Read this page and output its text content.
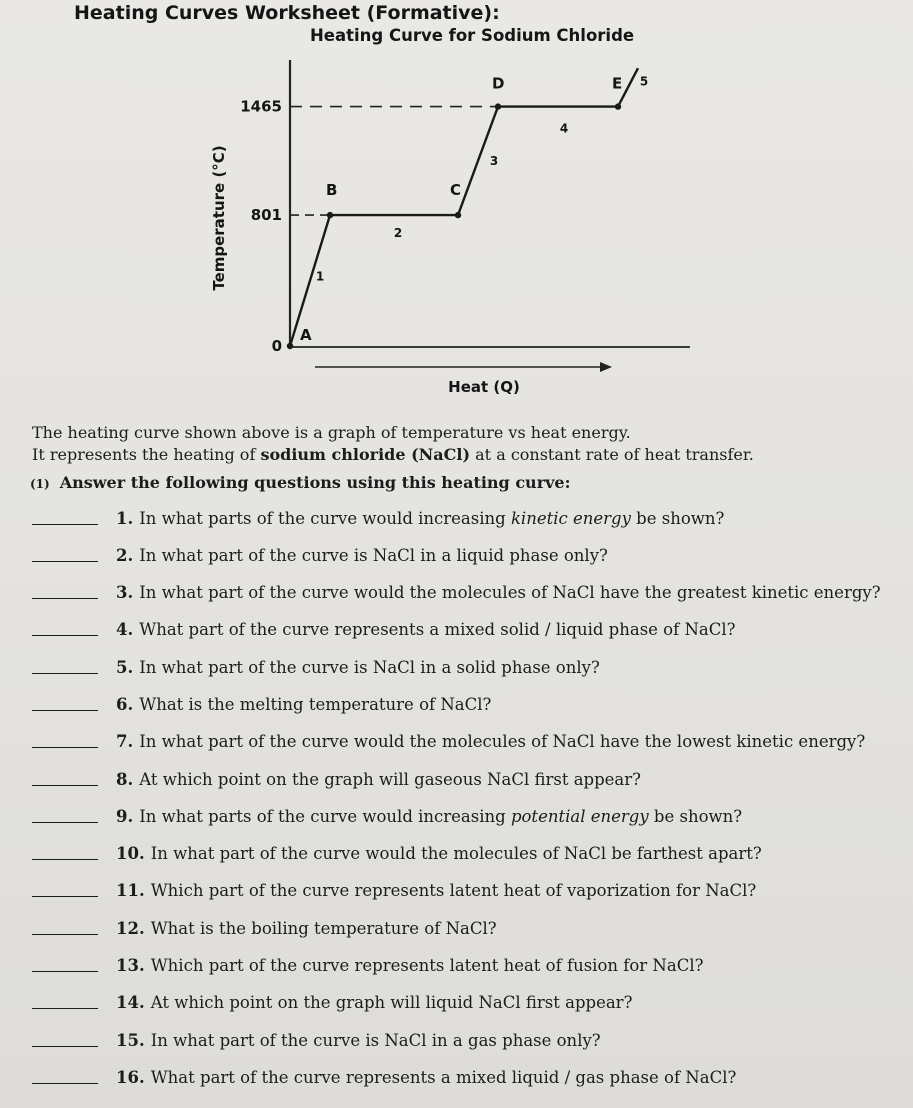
Heating Curves Worksheet (Formative):
Heating Curve for Sodium Chloride
Heat (Q)
Temperature (°C)
0
801
1465
A
B	C
D	E
1
2
3
4
5
The heating curve shown above is a graph of temperature vs heat energy.
It represents the heating of sodium chloride (NaCl) at a constant rate of heat transfer.
(1) Answer the following questions using this heating curve:
1. In what parts of the curve would increasing kinetic energy be shown?
2. In what part of the curve is NaCl in a liquid phase only?
3. In what part of the curve would the molecules of NaCl have the greatest kinetic energy?
4. What part of the curve represents a mixed solid / liquid phase of NaCl?
5. In what part of the curve is NaCl in a solid phase only?
6. What is the melting temperature of NaCl?
7. In what part of the curve would the molecules of NaCl have the lowest kinetic energy?
8. At which point on the graph will gaseous NaCl first appear?
9. In what parts of the curve would increasing potential energy be shown?
10. In what part of the curve would the molecules of NaCl be farthest apart?
11. Which part of the curve represents latent heat of vaporization for NaCl?
12. What is the boiling temperature of NaCl?
13. Which part of the curve represents latent heat of fusion for NaCl?
14. At which point on the graph will liquid NaCl first appear?
15. In what part of the curve is NaCl in a gas phase only?
16. What part of the curve represents a mixed liquid / gas phase of NaCl?
